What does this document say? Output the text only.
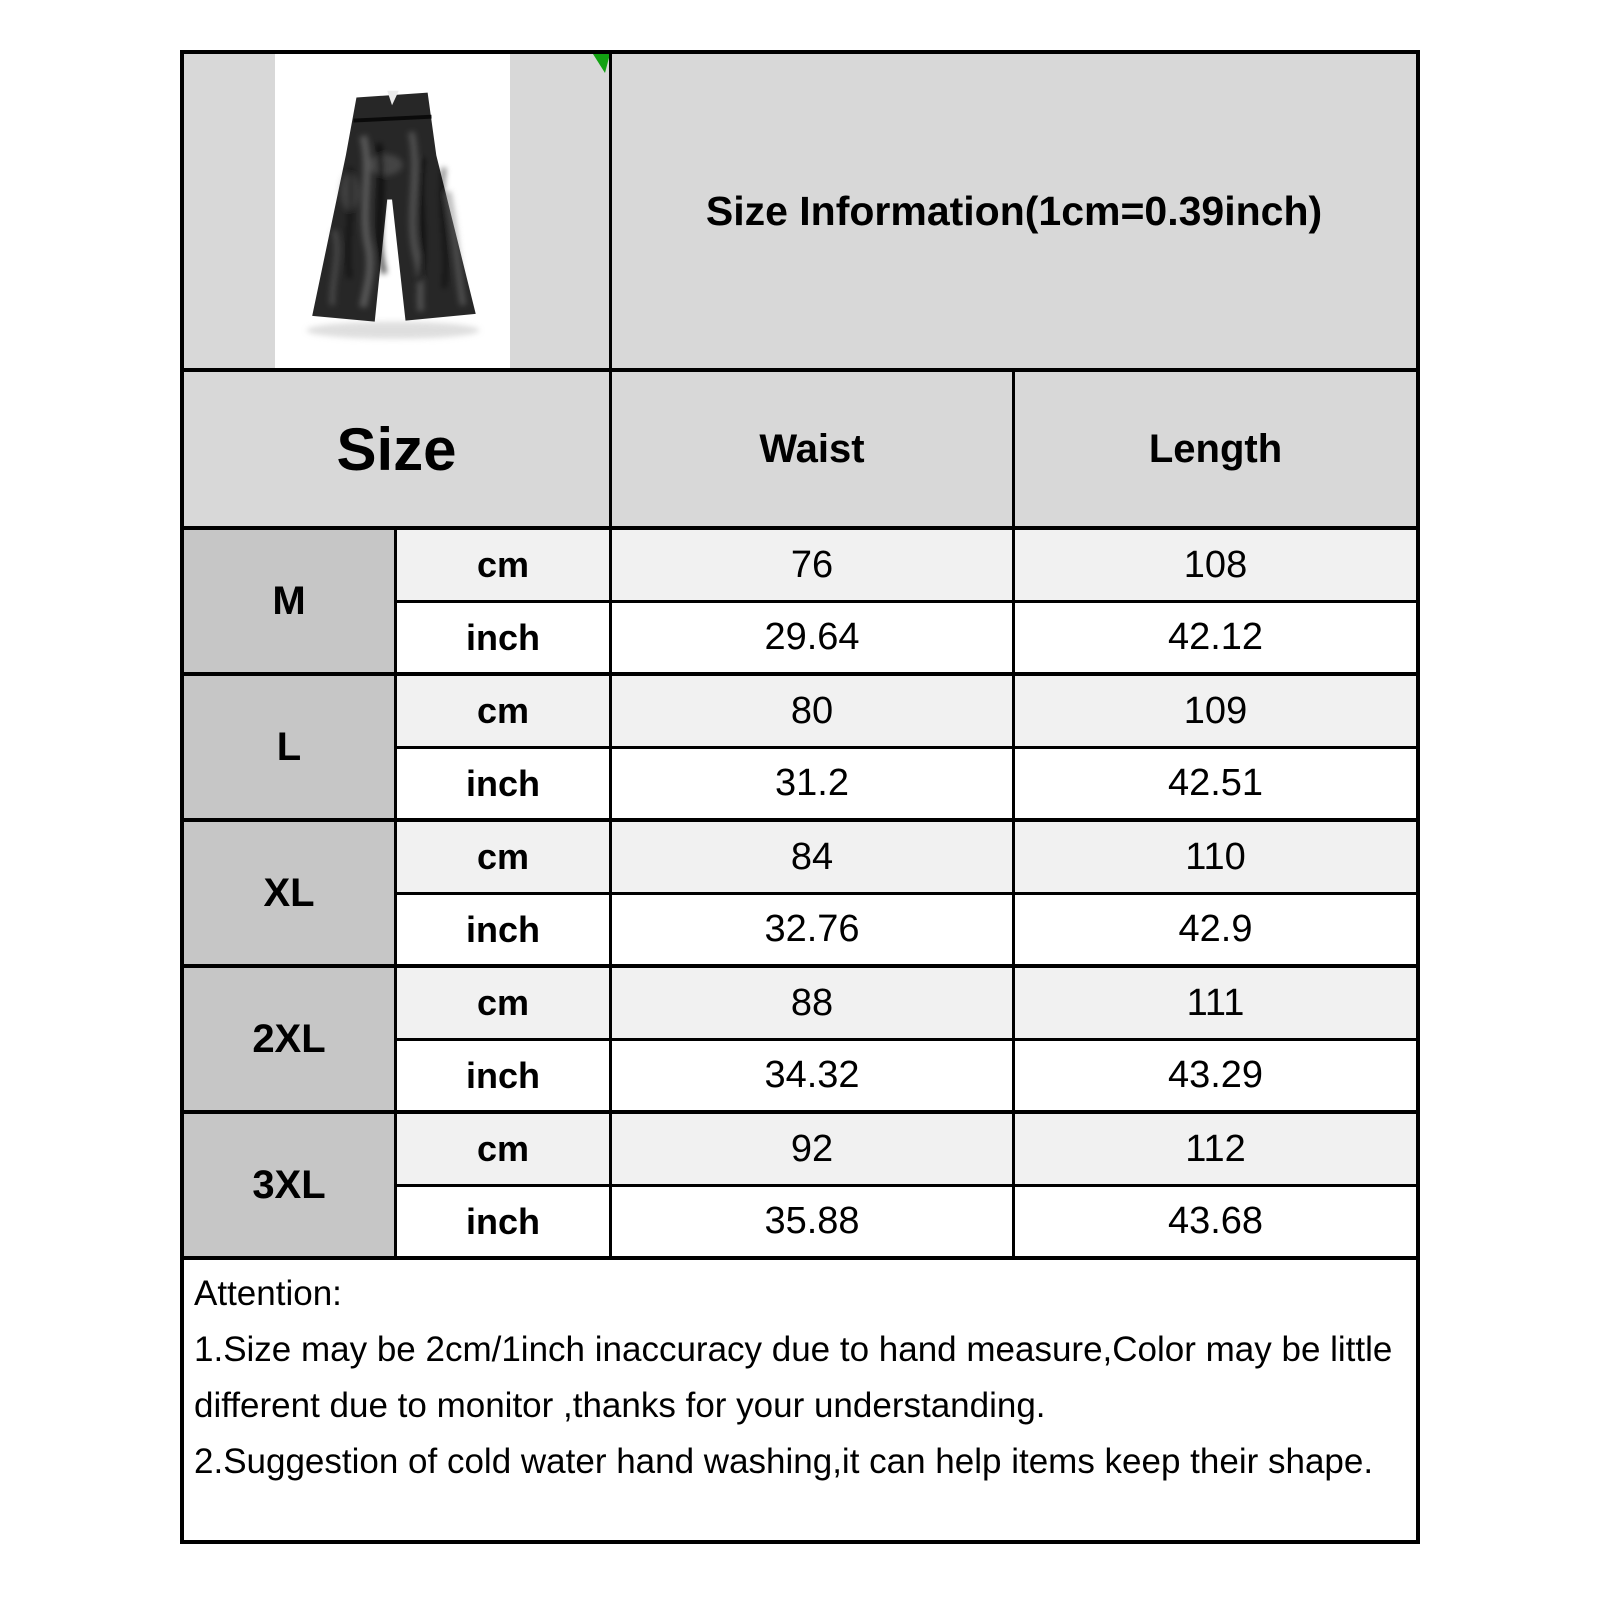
Size Information(1cm=0.39inch)
Size	Waist	Length
M
cm	76	108
inch	29.64	42.12
L
cm	80	109
inch	31.2	42.51
XL
cm	84	110
inch	32.76	42.9
2XL
cm	88	111
inch	34.32	43.29
3XL
cm	92	112
inch	35.88	43.68
Attention:
1.Size may be 2cm/1inch inaccuracy due to hand measure,Color may be little
different due to monitor ,thanks for your understanding.
2.Suggestion of cold water hand washing,it can help items keep their shape.
